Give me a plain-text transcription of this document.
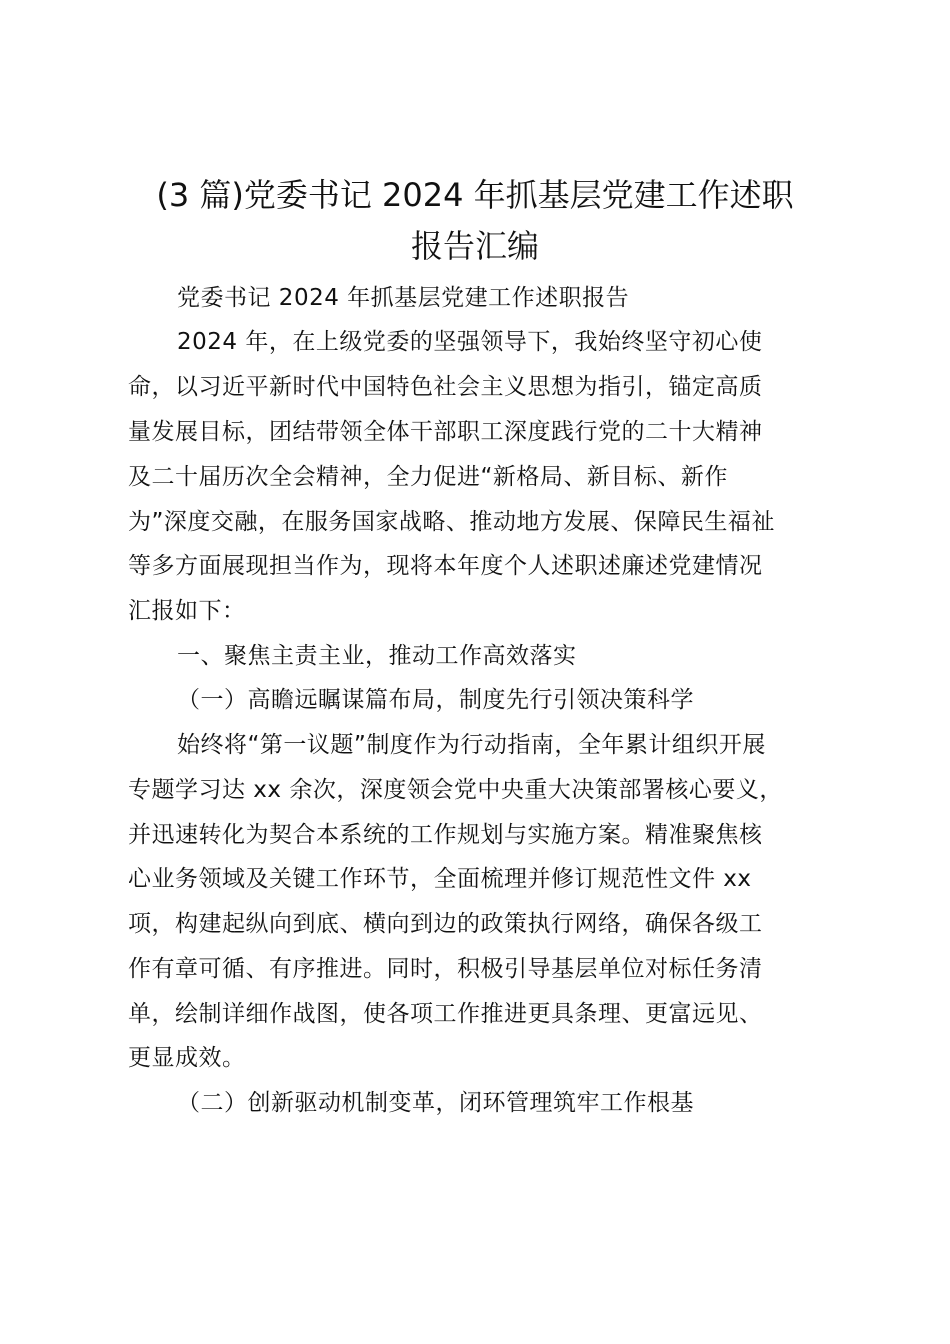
(3 篇)党委书记 2024 年抓基层党建工作述职
报告汇编
党委书记 2024 年抓基层党建工作述职报告
2024 年，在上级党委的坚强领导下，我始终坚守初心使
命，以习近平新时代中国特色社会主义思想为指引，锚定高质
量发展目标，团结带领全体干部职工深度践行党的二十大精神
及二十届历次全会精神，全力促进“新格局、新目标、新作
为”深度交融，在服务国家战略、推动地方发展、保障民生福祉
等多方面展现担当作为，现将本年度个人述职述廉述党建情况
汇报如下：
一、聚焦主责主业，推动工作高效落实
（一）高瞻远瞩谋篇布局，制度先行引领决策科学
始终将“第一议题”制度作为行动指南，全年累计组织开展
专题学习达 xx 余次，深度领会党中央重大决策部署核心要义，
并迅速转化为契合本系统的工作规划与实施方案。精准聚焦核
心业务领域及关键工作环节，全面梳理并修订规范性文件 xx
项，构建起纵向到底、横向到边的政策执行网络，确保各级工
作有章可循、有序推进。同时，积极引导基层单位对标任务清
单，绘制详细作战图，使各项工作推进更具条理、更富远见、
更显成效。
（二）创新驱动机制变革，闭环管理筑牢工作根基
